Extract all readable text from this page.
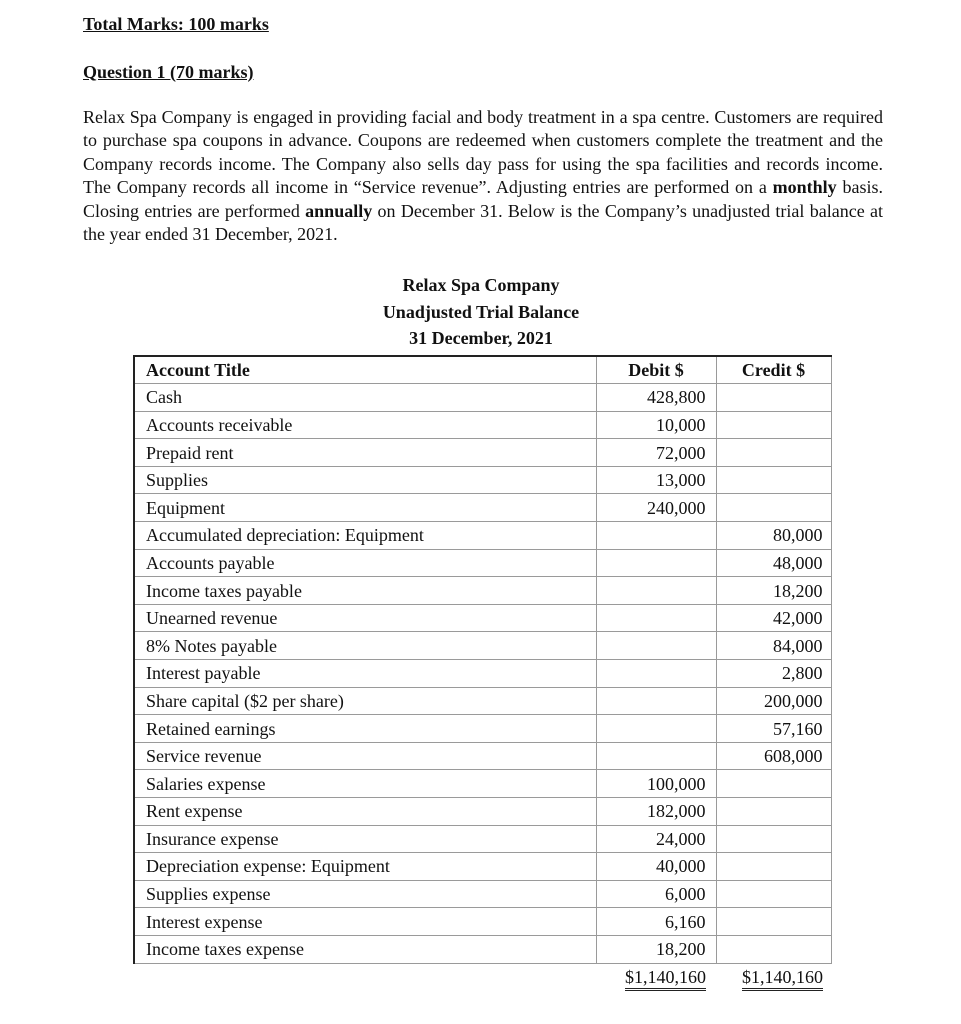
Total Marks: 100 marks
Question 1 (70 marks)
Relax Spa Company is engaged in providing facial and body treatment in a spa centre. Customers are required to purchase spa coupons in advance. Coupons are redeemed when customers complete the treatment and the Company records income. The Company also sells day pass for using the spa facilities and records income. The Company records all income in “Service revenue”. Adjusting entries are performed on a monthly basis. Closing entries are performed annually on December 31. Below is the Company’s unadjusted trial balance at the year ended 31 December, 2021.
Relax Spa Company
Unadjusted Trial Balance
31 December, 2021
Account Title	Debit $	Credit $
Cash	428,800	
Accounts receivable	10,000	
Prepaid rent	72,000	
Supplies	13,000	
Equipment	240,000	
Accumulated depreciation: Equipment		80,000
Accounts payable		48,000
Income taxes payable		18,200
Unearned revenue		42,000
8% Notes payable		84,000
Interest payable		2,800
Share capital ($2 per share)		200,000
Retained earnings		57,160
Service revenue		608,000
Salaries expense	100,000	
Rent expense	182,000	
Insurance expense	24,000	
Depreciation expense: Equipment	40,000	
Supplies expense	6,000	
Interest expense	6,160	
Income taxes expense	18,200	
	$1,140,160	$1,140,160
